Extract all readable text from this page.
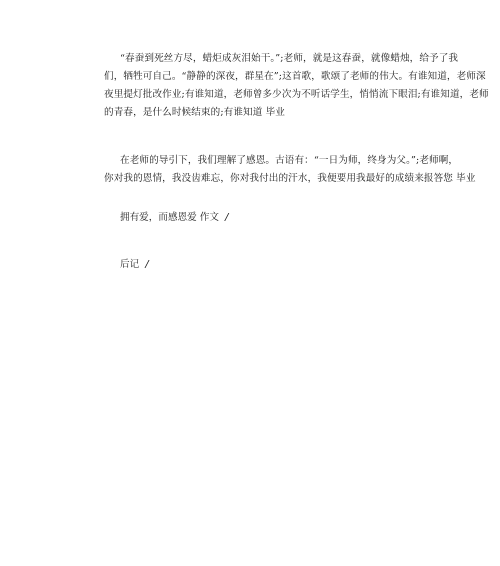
“春蚕到死丝方尽，蜡炬成灰泪始干。”;老师，就是这春蚕，就像蜡烛，给予了我
们，牺牲可自己。“静静的深夜，群星在”;这首歌，歌颂了老师的伟大。有谁知道，老师深
夜里提灯批改作业;有谁知道，老师曾多少次为不听话学生，悄悄流下眼泪;有谁知道，老师
的青春，是什么时候结束的;有谁知道 毕业

在老师的导引下，我们理解了感恩。古语有：“一日为师，终身为父。”;老师啊，
你对我的恩情，我没齿难忘，你对我付出的汗水，我便要用我最好的成绩来报答您 毕业

拥有爱，而感恩爱 作文 /

后记 /
